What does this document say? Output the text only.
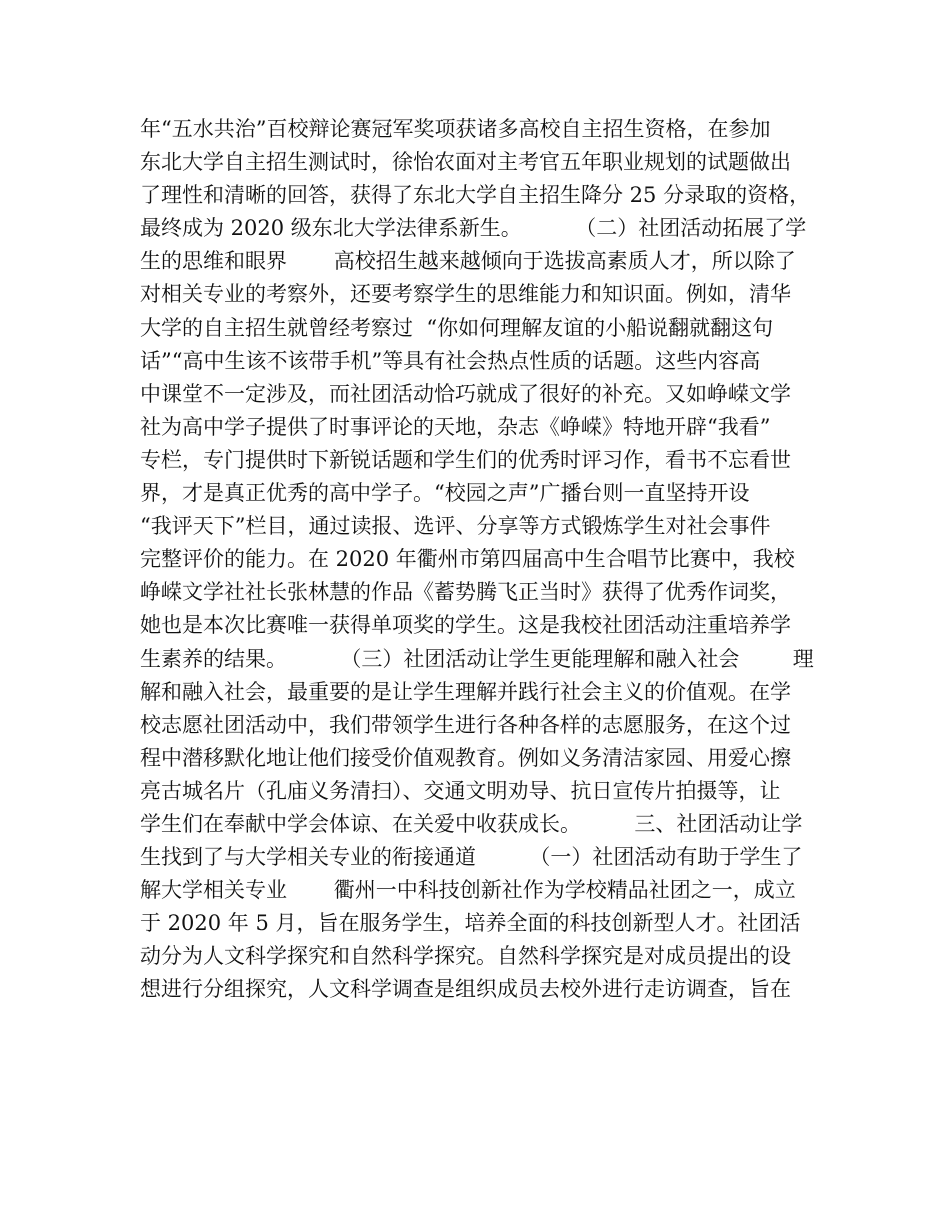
年“五水共治”百校辩论赛冠军奖项获诸多高校自主招生资格，在参加
东北大学自主招生测试时，徐怡农面对主考官五年职业规划的试题做出
了理性和清晰的回答，获得了东北大学自主招生降分 25 分录取的资格，
最终成为 2020 级东北大学法律系新生。        （二）社团活动拓展了学
生的思维和眼界       高校招生越来越倾向于选拔高素质人才，所以除了
对相关专业的考察外，还要考察学生的思维能力和知识面。例如，清华
大学的自主招生就曾经考察过  “你如何理解友谊的小船说翻就翻这句
话”“高中生该不该带手机”等具有社会热点性质的话题。这些内容高
中课堂不一定涉及，而社团活动恰巧就成了很好的补充。又如峥嵘文学
社为高中学子提供了时事评论的天地，杂志《峥嵘》特地开辟“我看”
专栏，专门提供时下新锐话题和学生们的优秀时评习作，看书不忘看世
界，才是真正优秀的高中学子。“校园之声”广播台则一直坚持开设
“我评天下”栏目，通过读报、选评、分享等方式锻炼学生对社会事件
完整评价的能力。在 2020 年衢州市第四届高中生合唱节比赛中，我校
峥嵘文学社社长张林慧的作品《蓄势腾飞正当时》获得了优秀作词奖，
她也是本次比赛唯一获得单项奖的学生。这是我校社团活动注重培养学
生素养的结果。        （三）社团活动让学生更能理解和融入社会        理
解和融入社会，最重要的是让学生理解并践行社会主义的价值观。在学
校志愿社团活动中，我们带领学生进行各种各样的志愿服务，在这个过
程中潜移默化地让他们接受价值观教育。例如义务清洁家园、用爱心擦
亮古城名片（孔庙义务清扫）、交通文明劝导、抗日宣传片拍摄等，让
学生们在奉献中学会体谅、在关爱中收获成长。        三、社团活动让学
生找到了与大学相关专业的衔接通道        （一）社团活动有助于学生了
解大学相关专业       衢州一中科技创新社作为学校精品社团之一，成立
于 2020 年 5 月，旨在服务学生，培养全面的科技创新型人才。社团活
动分为人文科学探究和自然科学探究。自然科学探究是对成员提出的设
想进行分组探究，人文科学调查是组织成员去校外进行走访调查，旨在
